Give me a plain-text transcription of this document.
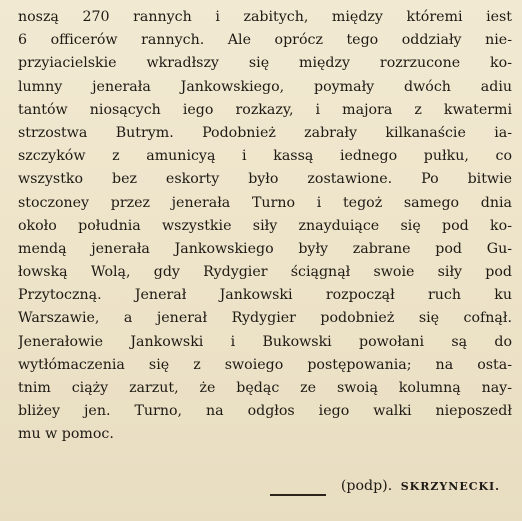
noszą 270 rannych i zabitych, między któremi iest
6 officerów rannych. Ale oprócz tego oddziały nie-
przyiacielskie wkradłszy się między rozrzucone ko-
lumny jenerała Jankowskiego, poymały dwóch adiu
tantów niosących iego rozkazy, i majora z kwatermi
strzostwa Butrym. Podobnież zabrały kilkanaście ia-
szczyków z amunicyą i kassą iednego pułku, co
wszystko bez eskorty było zostawione. Po bitwie
stoczoney przez jenerała Turno i tegoż samego dnia
około południa wszystkie siły znayduiące się pod ko-
mendą jenerała Jankowskiego były zabrane pod Gu-
łowską Wolą, gdy Rydygier ściągnął swoie siły pod
Przytoczną. Jenerał Jankowski rozpoczął ruch ku
Warszawie, a jenerał Rydygier podobnież się cofnął.
Jenerałowie Jankowski i Bukowski powołani są do
wytłómaczenia się z swoiego postępowania; na osta-
tnim ciąży zarzut, że będąc ze swoią kolumną nay-
bliżey jen. Turno, na odgłos iego walki nieposzedł
mu w pomoc.
(podp). SKRZYNECKI.
